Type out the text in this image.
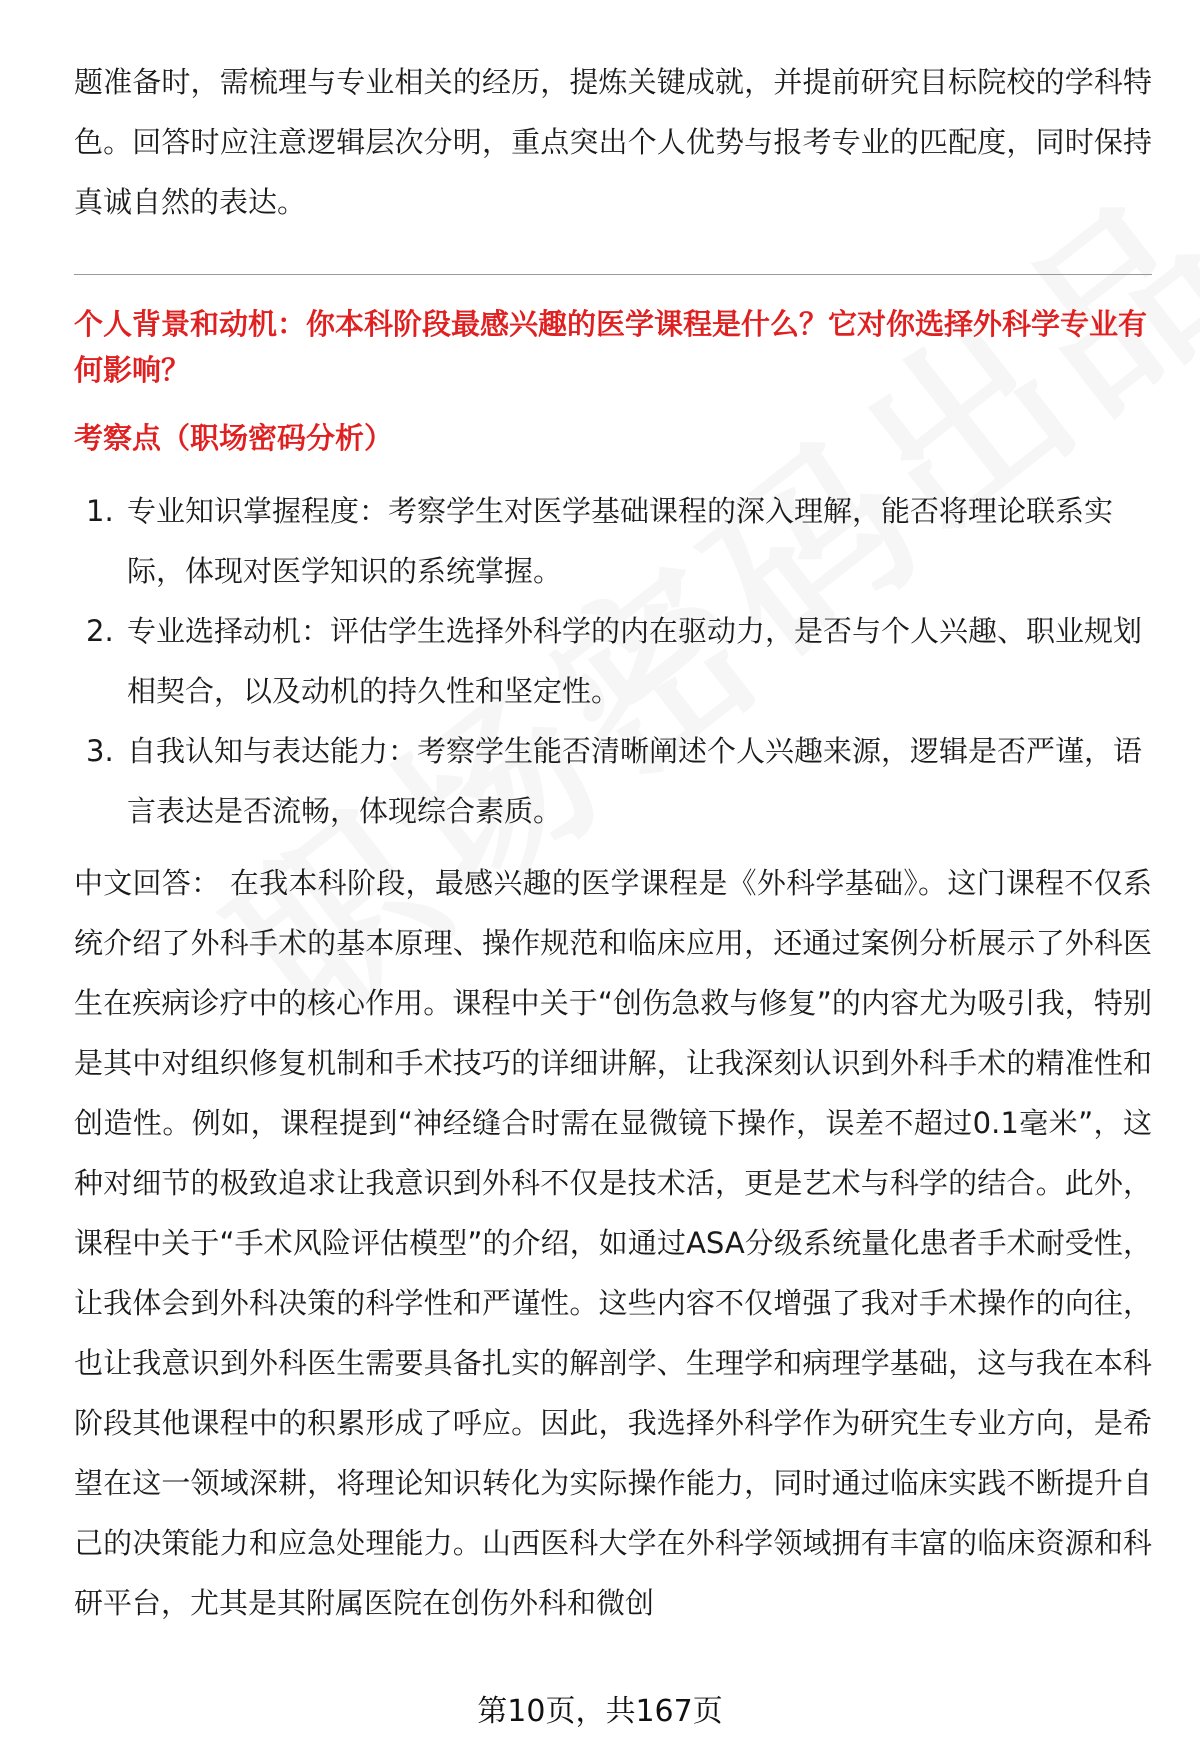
题准备时，需梳理与专业相关的经历，提炼关键成就，并提前研究目标院校的学科特色。回答时应注意逻辑层次分明，重点突出个人优势与报考专业的匹配度，同时保持真诚自然的表达。

个人背景和动机：你本科阶段最感兴趣的医学课程是什么？它对你选择外科学专业有何影响？
考察点（职场密码分析）
1. 专业知识掌握程度：考察学生对医学基础课程的深入理解，能否将理论联系实际，体现对医学知识的系统掌握。
2. 专业选择动机：评估学生选择外科学的内在驱动力，是否与个人兴趣、职业规划相契合，以及动机的持久性和坚定性。
3. 自我认知与表达能力：考察学生能否清晰阐述个人兴趣来源，逻辑是否严谨，语言表达是否流畅，体现综合素质。

中文回答： 在我本科阶段，最感兴趣的医学课程是《外科学基础》。这门课程不仅系统介绍了外科手术的基本原理、操作规范和临床应用，还通过案例分析展示了外科医生在疾病诊疗中的核心作用。课程中关于“创伤急救与修复”的内容尤为吸引我，特别是其中对组织修复机制和手术技巧的详细讲解，让我深刻认识到外科手术的精准性和创造性。例如，课程提到“神经缝合时需在显微镜下操作，误差不超过0.1毫米”，这种对细节的极致追求让我意识到外科不仅是技术活，更是艺术与科学的结合。此外，课程中关于“手术风险评估模型”的介绍，如通过ASA分级系统量化患者手术耐受性，让我体会到外科决策的科学性和严谨性。这些内容不仅增强了我对手术操作的向往，也让我意识到外科医生需要具备扎实的解剖学、生理学和病理学基础，这与我在本科阶段其他课程中的积累形成了呼应。因此，我选择外科学作为研究生专业方向，是希望在这一领域深耕，将理论知识转化为实际操作能力，同时通过临床实践不断提升自己的决策能力和应急处理能力。山西医科大学在外科学领域拥有丰富的临床资源和科研平台，尤其是其附属医院在创伤外科和微创

第10页，共167页
